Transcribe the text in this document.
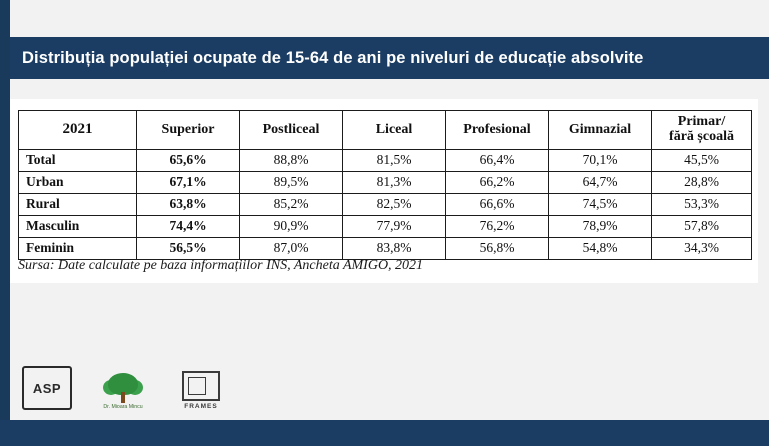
Distribuția populației ocupate de 15-64 de ani pe niveluri de educație absolvite
2021	Superior	Postliceal	Liceal	Profesional	Gimnazial	Primar/
fără școală
Total	65,6%	88,8%	81,5%	66,4%	70,1%	45,5%
Urban	67,1%	89,5%	81,3%	66,2%	64,7%	28,8%
Rural	63,8%	85,2%	82,5%	66,6%	74,5%	53,3%
Masculin	74,4%	90,9%	77,9%	76,2%	78,9%	57,8%
Feminin	56,5%	87,0%	83,8%	56,8%	54,8%	34,3%
Sursa: Date calculate pe baza informațiilor INS, Ancheta AMIGO, 2021
ASP
Dr. Mioara Mincu	FRAMES
